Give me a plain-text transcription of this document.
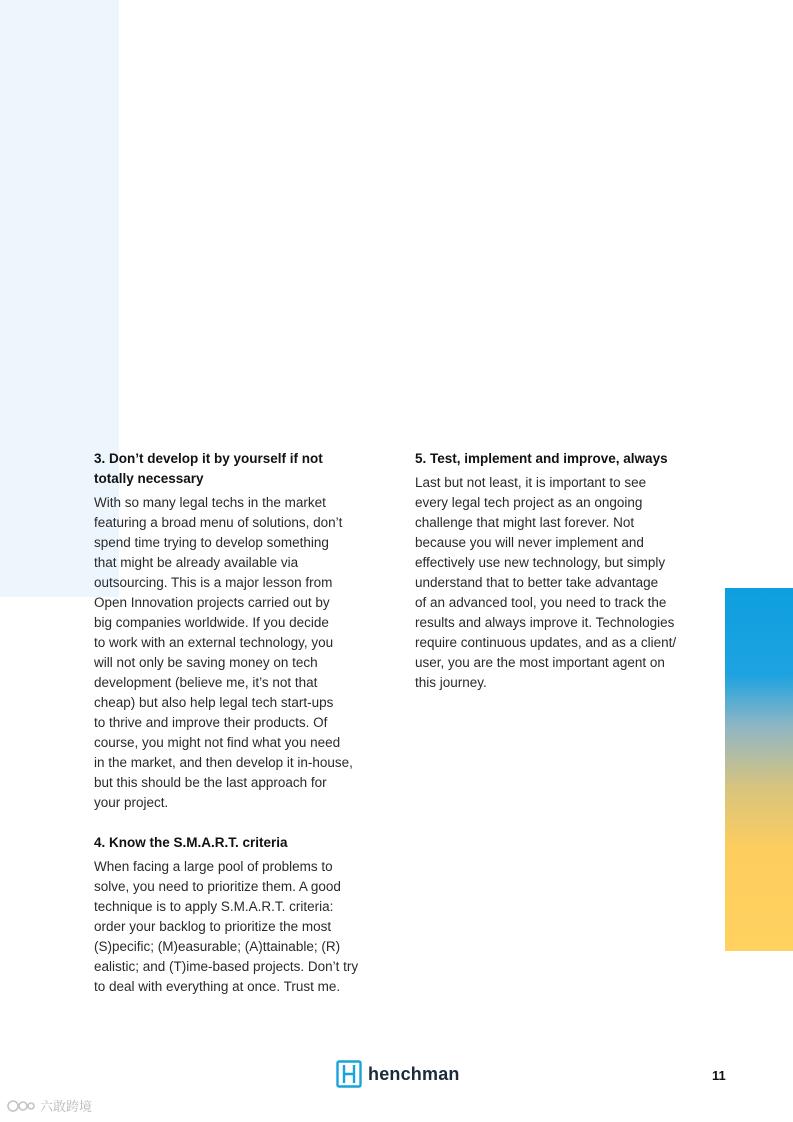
3. Don’t develop it by yourself if not
totally necessary

With so many legal techs in the market
featuring a broad menu of solutions, don’t
spend time trying to develop something
that might be already available via
outsourcing. This is a major lesson from
Open Innovation projects carried out by
big companies worldwide. If you decide
to work with an external technology, you
will not only be saving money on tech
development (believe me, it’s not that
cheap) but also help legal tech start-ups
to thrive and improve their products. Of
course, you might not find what you need
in the market, and then develop it in-house,
but this should be the last approach for
your project.

4. Know the S.M.A.R.T. criteria

When facing a large pool of problems to
solve, you need to prioritize them. A good
technique is to apply S.M.A.R.T. criteria:
order your backlog to prioritize the most
(S)pecific; (M)easurable; (A)ttainable; (R)
ealistic; and (T)ime-based projects. Don’t try
to deal with everything at once. Trust me.

5. Test, implement and improve, always

Last but not least, it is important to see
every legal tech project as an ongoing
challenge that might last forever. Not
because you will never implement and
effectively use new technology, but simply
understand that to better take advantage
of an advanced tool, you need to track the
results and always improve it. Technologies
require continuous updates, and as a client/
user, you are the most important agent on
this journey.

henchman	11
六敢跨境
